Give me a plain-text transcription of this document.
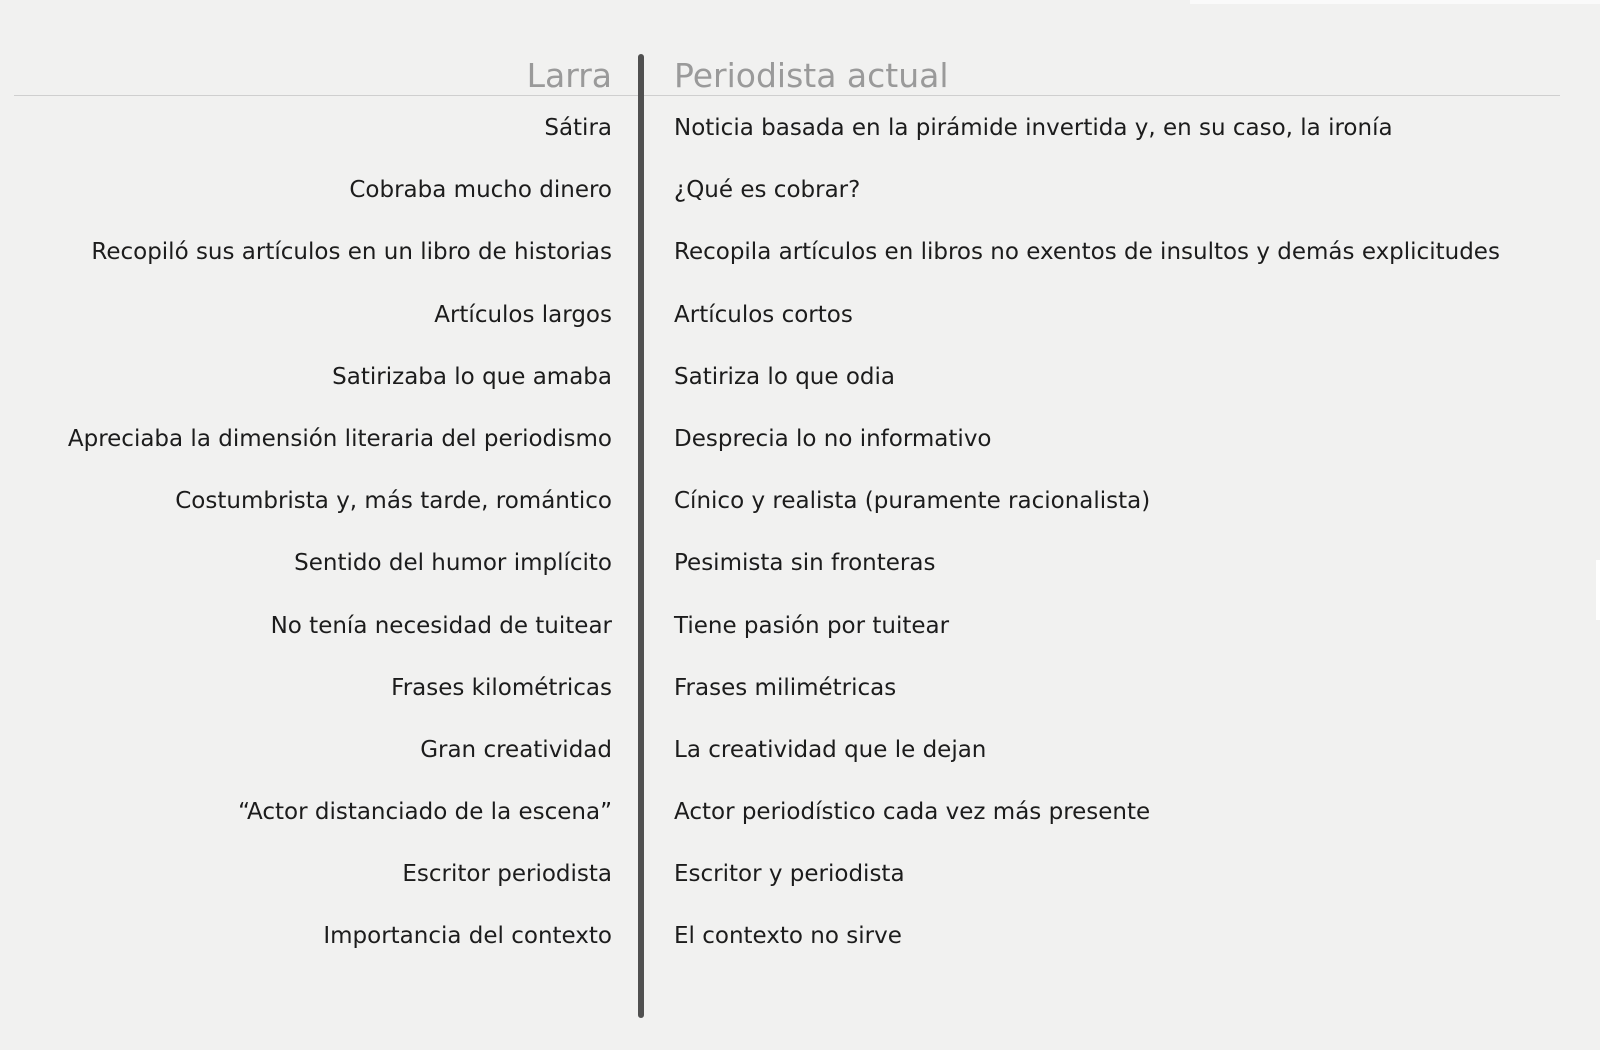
Larra Periodista actual
Sátira	Noticia basada en la pirámide invertida y, en su caso, la ironía
Cobraba mucho dinero	¿Qué es cobrar?
Recopiló sus artículos en un libro de historias	Recopila artículos en libros no exentos de insultos y demás explicitudes
Artículos largos	Artículos cortos
Satirizaba lo que amaba	Satiriza lo que odia
Apreciaba la dimensión literaria del periodismo	Desprecia lo no informativo
Costumbrista y, más tarde, romántico	Cínico y realista (puramente racionalista)
Sentido del humor implícito	Pesimista sin fronteras
No tenía necesidad de tuitear	Tiene pasión por tuitear
Frases kilométricas	Frases milimétricas
Gran creatividad	La creatividad que le dejan
“Actor distanciado de la escena”	Actor periodístico cada vez más presente
Escritor periodista	Escritor y periodista
Importancia del contexto	El contexto no sirve
